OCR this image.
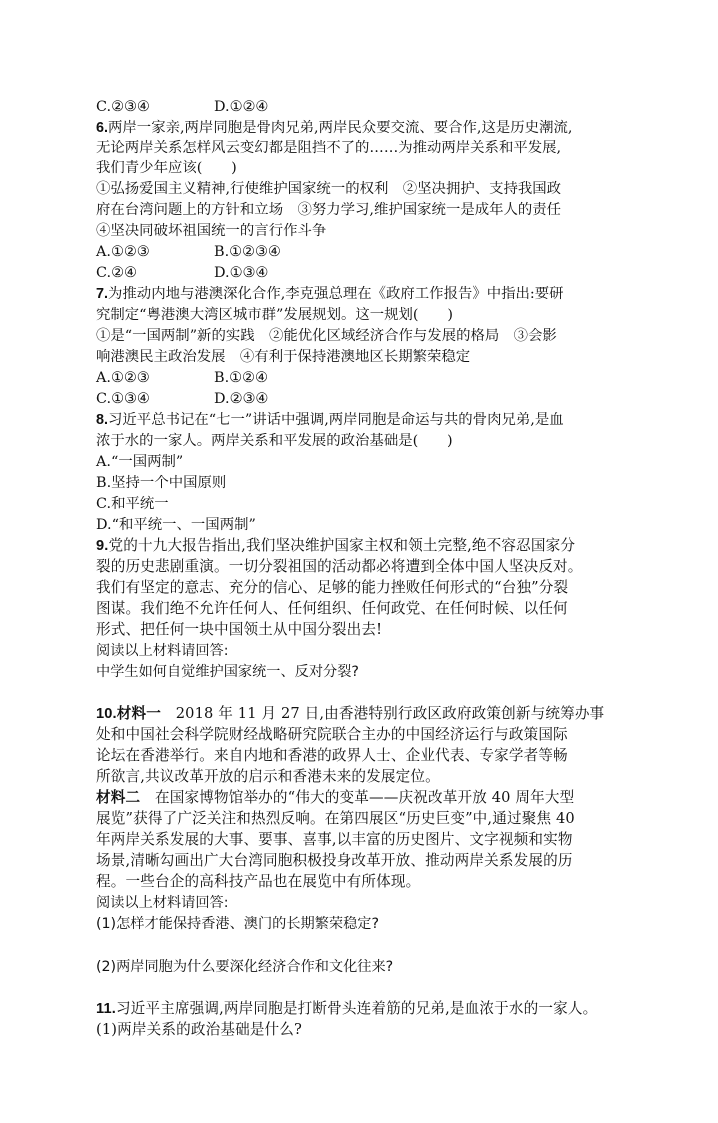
C.②③④	D.①②④
6.两岸一家亲,两岸同胞是骨肉兄弟,两岸民众要交流、要合作,这是历史潮流,
无论两岸关系怎样风云变幻都是阻挡不了的……为推动两岸关系和平发展,
我们青少年应该(　　)
①弘扬爱国主义精神,行使维护国家统一的权利　②坚决拥护、支持我国政
府在台湾问题上的方针和立场　③努力学习,维护国家统一是成年人的责任
④坚决同破坏祖国统一的言行作斗争
A.①②③	B.①②③④
C.②④	D.①③④
7.为推动内地与港澳深化合作,李克强总理在《政府工作报告》中指出:要研
究制定“粤港澳大湾区城市群”发展规划。这一规划(　　)
①是“一国两制”新的实践　②能优化区域经济合作与发展的格局　③会影
响港澳民主政治发展　④有利于保持港澳地区长期繁荣稳定
A.①②③	B.①②④
C.①③④	D.②③④
8.习近平总书记在“七一”讲话中强调,两岸同胞是命运与共的骨肉兄弟,是血
浓于水的一家人。两岸关系和平发展的政治基础是(　　)
A.“一国两制”
B.坚持一个中国原则
C.和平统一
D.“和平统一、一国两制”
9.党的十九大报告指出,我们坚决维护国家主权和领土完整,绝不容忍国家分
裂的历史悲剧重演。一切分裂祖国的活动都必将遭到全体中国人坚决反对。
我们有坚定的意志、充分的信心、足够的能力挫败任何形式的“台独”分裂
图谋。我们绝不允许任何人、任何组织、任何政党、在任何时候、以任何
形式、把任何一块中国领土从中国分裂出去!
阅读以上材料请回答:
中学生如何自觉维护国家统一、反对分裂?
10.材料一　2018 年 11 月 27 日,由香港特别行政区政府政策创新与统筹办事
处和中国社会科学院财经战略研究院联合主办的中国经济运行与政策国际
论坛在香港举行。来自内地和香港的政界人士、企业代表、专家学者等畅
所欲言,共议改革开放的启示和香港未来的发展定位。
材料二　在国家博物馆举办的“伟大的变革——庆祝改革开放 40 周年大型
展览”获得了广泛关注和热烈反响。在第四展区“历史巨变”中,通过聚焦 40
年两岸关系发展的大事、要事、喜事,以丰富的历史图片、文字视频和实物
场景,清晰勾画出广大台湾同胞积极投身改革开放、推动两岸关系发展的历
程。一些台企的高科技产品也在展览中有所体现。
阅读以上材料请回答:
(1)怎样才能保持香港、澳门的长期繁荣稳定?
(2)两岸同胞为什么要深化经济合作和文化往来?
11.习近平主席强调,两岸同胞是打断骨头连着筋的兄弟,是血浓于水的一家人。
(1)两岸关系的政治基础是什么?
